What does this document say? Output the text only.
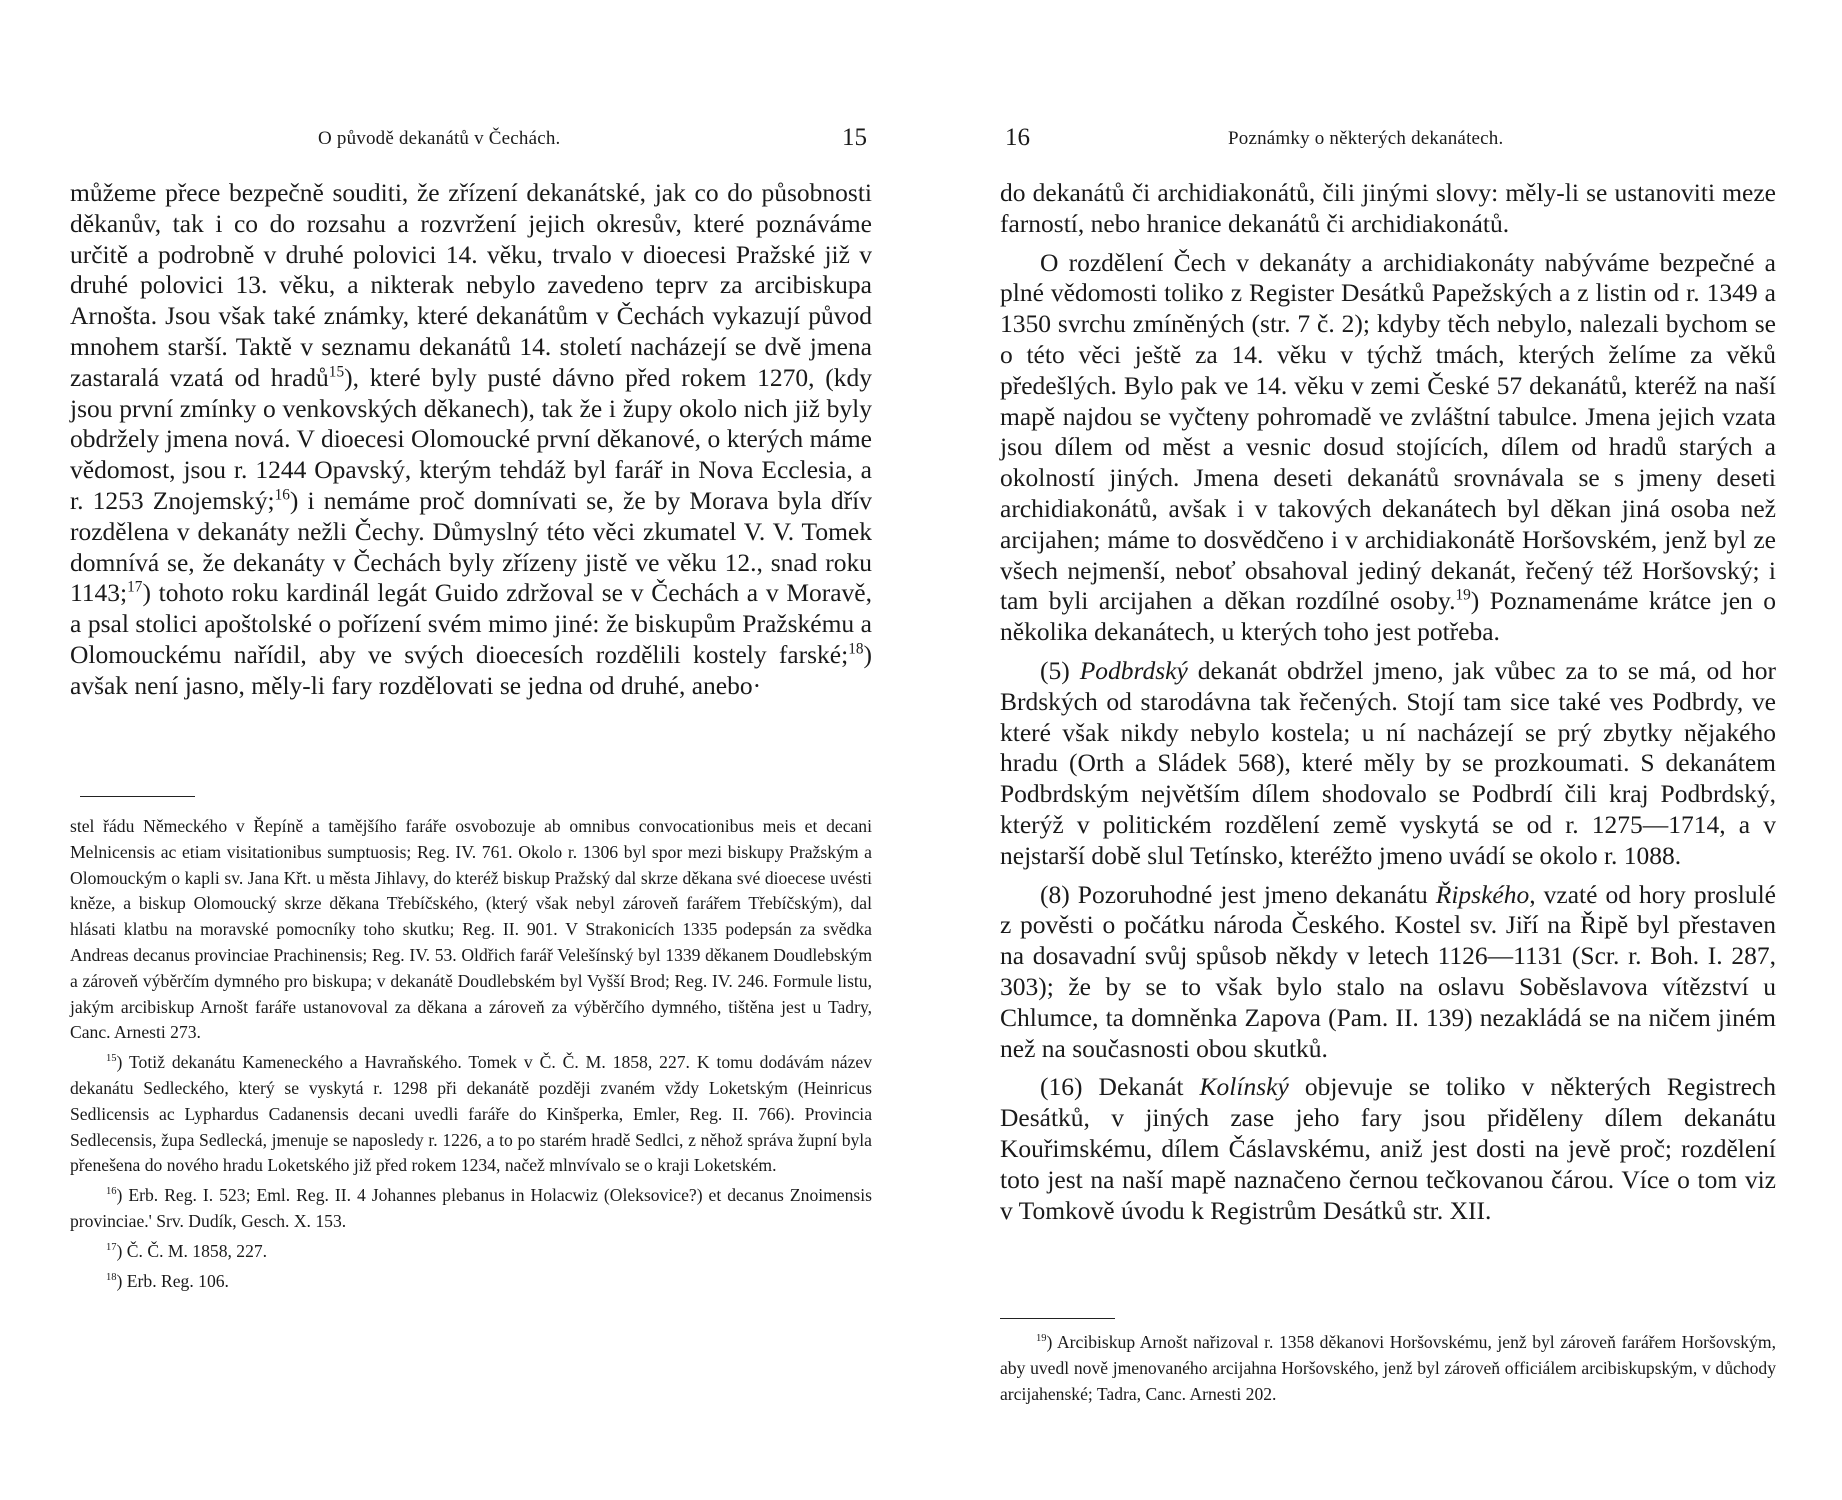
O původě dekanátů v Čechách.	15

můžeme přece bezpečně souditi, že zřízení dekanátské, jak co do působnosti děkanův, tak i co do rozsahu a rozvržení jejich okresův, které poznáváme určitě a podrobně v druhé polovici 14. věku, trvalo v dioecesi Pražské již v druhé polovici 13. věku, a nikterak nebylo zavedeno teprv za arcibiskupa Arnošta. Jsou však také známky, které dekanátům v Čechách vykazují původ mnohem starší. Taktě v seznamu dekanátů 14. století nacházejí se dvě jmena zastaralá vzatá od hradů$^{15}$), které byly pusté dávno před rokem 1270, (kdy jsou první zmínky o venkovských děkanech), tak že i župy okolo nich již byly obdržely jmena nová. V dioecesi Olomoucké první děkanové, o kterých máme vědomost, jsou r. 1244 Opavský, kterým tehdáž byl farář in Nova Ecclesia, a r. 1253 Znojemský;$^{16}$) i nemáme proč domnívati se, že by Morava byla dřív rozdělena v dekanáty nežli Čechy. Důmyslný této věci zkumatel V. V. Tomek domnívá se, že dekanáty v Čechách byly zřízeny jistě ve věku 12., snad roku 1143;$^{17}$) tohoto roku kardinál legát Guido zdržoval se v Čechách a v Moravě, a psal stolici apoštolské o pořízení svém mimo jiné: že biskupům Pražskému a Olomouckému nařídil, aby ve svých dioecesích rozdělili kostely farské;$^{18}$) avšak není jasno, měly-li fary rozdělovati se jedna od druhé, anebo·

stel řádu Německého v Řepíně a tamějšího faráře osvobozuje ab omnibus convocationibus meis et decani Melnicensis ac etiam visitationibus sumptuosis; Reg. IV. 761. Okolo r. 1306 byl spor mezi biskupy Pražským a Olomouckým o kapli sv. Jana Křt. u města Jihlavy, do kteréž biskup Pražský dal skrze děkana své dioecese uvésti kněze, a biskup Olomoucký skrze děkana Třebíčského, (který však nebyl zároveň farářem Třebíčským), dal hlásati klatbu na moravské pomocníky toho skutku; Reg. II. 901. V Strakonicích 1335 podepsán za svědka Andreas decanus provinciae Prachinensis; Reg. IV. 53. Oldřich farář Velešínský byl 1339 děkanem Doudlebským a zároveň výběrčím dymného pro biskupa; v dekanátě Doudlebském byl Vyšší Brod; Reg. IV. 246. Formule listu, jakým arcibiskup Arnošt faráře ustanovoval za děkana a zároveň za výběrčího dymného, tištěna jest u Tadry, Canc. Arnesti 273.

$^{15}$) Totiž dekanátu Kameneckého a Havraňského. Tomek v Č. Č. M. 1858, 227. K tomu dodávám název dekanátu Sedleckého, který se vyskytá r. 1298 při dekanátě později zvaném vždy Loketským (Heinricus Sedlicensis ac Lyphardus Cadanensis decani uvedli faráře do Kinšperka, Emler, Reg. II. 766). Provincia Sedlecensis, župa Sedlecká, jmenuje se naposledy r. 1226, a to po starém hradě Sedlci, z něhož správa župní byla přenešena do nového hradu Loketského již před rokem 1234, načež mlnvívalo se o kraji Loketském.

$^{16}$) Erb. Reg. I. 523; Eml. Reg. II. 4 Johannes plebanus in Holacwiz (Oleksovice?) et decanus Znoimensis provinciae.' Srv. Dudík, Gesch. X. 153.

$^{17}$) Č. Č. M. 1858, 227.

$^{18}$) Erb. Reg. 106.

16	Poznámky o některých dekanátech.

do dekanátů či archidiakonátů, čili jinými slovy: měly-li se ustanoviti meze farností, nebo hranice dekanátů či archidiakonátů.

O rozdělení Čech v dekanáty a archidiakonáty nabýváme bezpečné a plné vědomosti toliko z Register Desátků Papežských a z listin od r. 1349 a 1350 svrchu zmíněných (str. 7 č. 2); kdyby těch nebylo, nalezali bychom se o této věci ještě za 14. věku v týchž tmách, kterých želíme za věků předešlých. Bylo pak ve 14. věku v zemi České 57 dekanátů, kteréž na naší mapě najdou se vyčteny pohromadě ve zvláštní tabulce. Jmena jejich vzata jsou dílem od měst a vesnic dosud stojících, dílem od hradů starých a okolností jiných. Jmena deseti dekanátů srovnávala se s jmeny deseti archidiakonátů, avšak i v takových dekanátech byl děkan jiná osoba než arcijahen; máme to dosvědčeno i v archidiakonátě Horšovském, jenž byl ze všech nejmenší, neboť obsahoval jediný dekanát, řečený též Horšovský; i tam byli arcijahen a děkan rozdílné osoby.$^{19}$) Poznamenáme krátce jen o několika dekanátech, u kterých toho jest potřeba.

(5) Podbrdský dekanát obdržel jmeno, jak vůbec za to se má, od hor Brdských od starodávna tak řečených. Stojí tam sice také ves Podbrdy, ve které však nikdy nebylo kostela; u ní nacházejí se prý zbytky nějakého hradu (Orth a Sládek 568), které měly by se prozkoumati. S dekanátem Podbrdským největším dílem shodovalo se Podbrdí čili kraj Podbrdský, kterýž v politickém rozdělení země vyskytá se od r. 1275—1714, a v nejstarší době slul Tetínsko, kteréžto jmeno uvádí se okolo r. 1088.

(8) Pozoruhodné jest jmeno dekanátu Řipského, vzaté od hory proslulé z pověsti o počátku národa Českého. Kostel sv. Jiří na Řipě byl přestaven na dosavadní svůj spůsob někdy v letech 1126—1131 (Scr. r. Boh. I. 287, 303); že by se to však bylo stalo na oslavu Soběslavova vítězství u Chlumce, ta domněnka Zapova (Pam. II. 139) nezakládá se na ničem jiném než na současnosti obou skutků.

(16) Dekanát Kolínský objevuje se toliko v některých Registrech Desátků, v jiných zase jeho fary jsou přiděleny dílem dekanátu Kouřimskému, dílem Čáslavskému, aniž jest dosti na jevě proč; rozdělení toto jest na naší mapě naznačeno černou tečkovanou čárou. Více o tom viz v Tomkově úvodu k Registrům Desátků str. XII.

$^{19}$) Arcibiskup Arnošt nařizoval r. 1358 děkanovi Horšovskému, jenž byl zároveň farářem Horšovským, aby uvedl nově jmenovaného arcijahna Horšovského, jenž byl zároveň officiálem arcibiskupským, v důchody arcijahenské; Tadra, Canc. Arnesti 202.
